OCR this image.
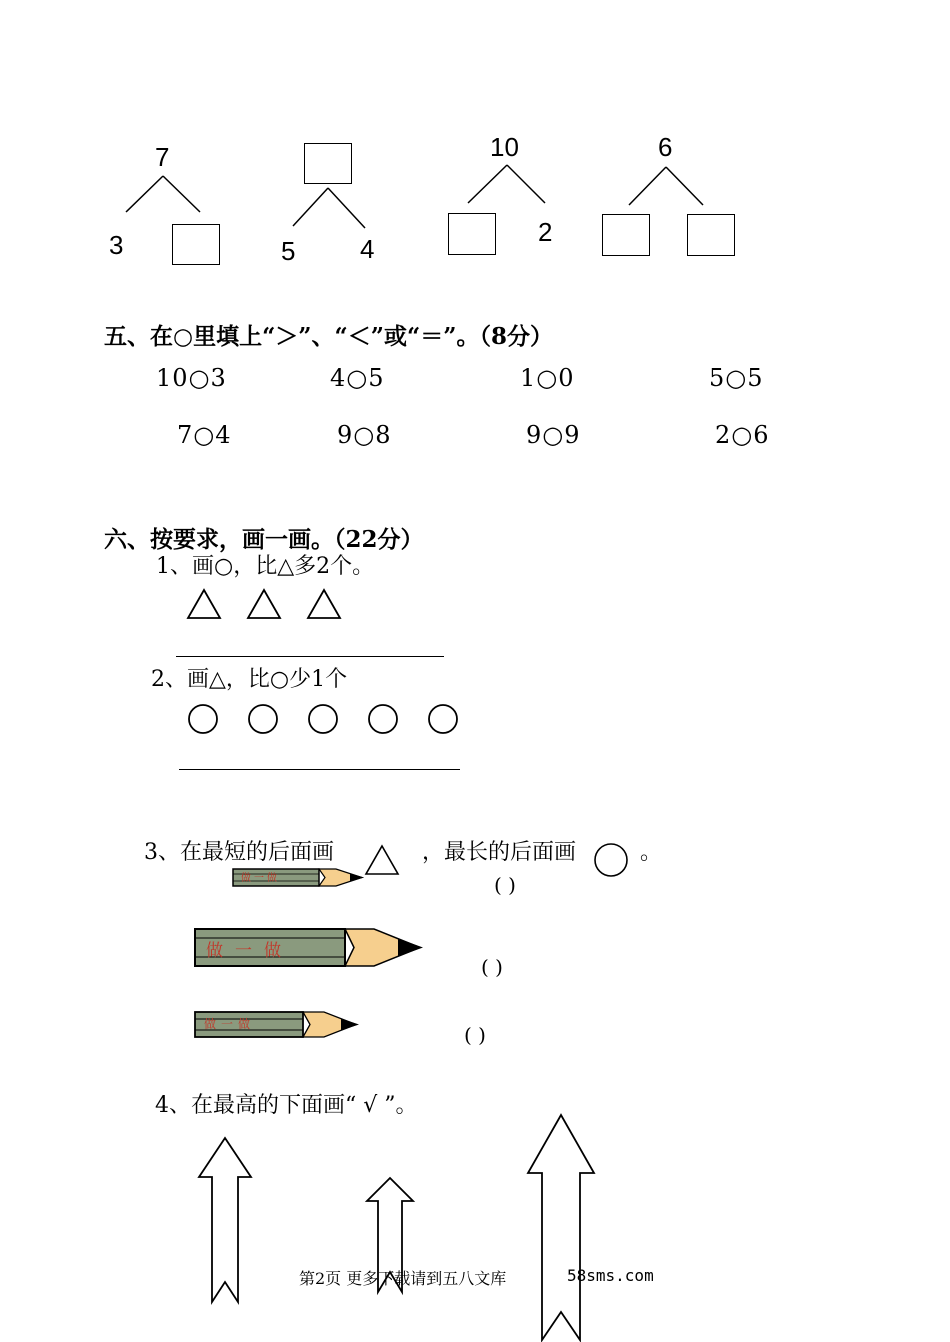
7
3	5 4
10
2
6
五、在○里填上“＞”、“＜”或“＝”。（8分）
10○3	4○5	1○0	5○5
7○4	9○8	9○9	2○6
六、按要求，画一画。（22分）
1、画○，比△多2个。
2、画△，比○少1个
3、在最短的后面画	，最长的后面画	。
做一做
做一做
做一做
( )
( )
( )
4、在最高的下面画“ √ ”。
第2页 更多下载请到五八文库	58sms.com
